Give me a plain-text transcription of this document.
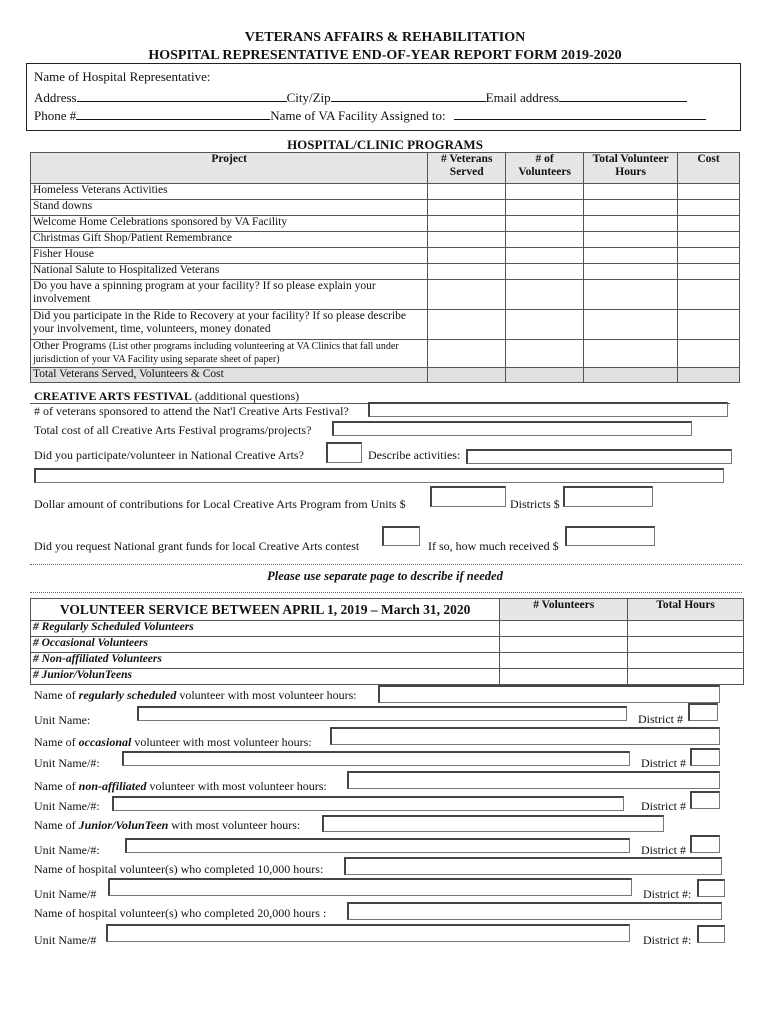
VETERANS AFFAIRS & REHABILITATION
HOSPITAL REPRESENTATIVE END-OF-YEAR REPORT FORM 2019-2020
Name of Hospital Representative:
Address	City/Zip	Email address
Phone #	Name of VA Facility Assigned to:
HOSPITAL/CLINIC PROGRAMS
Project	# Veterans Served	# of Volunteers	Total Volunteer Hours	Cost
Homeless Veterans Activities				
Stand downs				
Welcome Home Celebrations sponsored by VA Facility				
Christmas Gift Shop/Patient Remembrance				
Fisher House				
National Salute to Hospitalized Veterans				
Do you have a spinning program at your facility? If so please explain your involvement				
Did you participate in the Ride to Recovery at your facility? If so please describe your involvement, time, volunteers, money donated				
Other Programs (List other programs including volunteering at VA Clinics that fall under jurisdiction of your VA Facility using separate sheet of paper)				
Total Veterans Served, Volunteers & Cost				
CREATIVE ARTS FESTIVAL (additional questions)
# of veterans sponsored to attend the Nat'l Creative Arts Festival?
Total cost of all Creative Arts Festival programs/projects?
Did you participate/volunteer in National Creative Arts?	Describe activities:
Dollar amount of contributions for Local Creative Arts Program from Units $	Districts $
Did you request National grant funds for local Creative Arts contest	If so, how much received $
Please use separate page to describe if needed
VOLUNTEER SERVICE BETWEEN APRIL 1, 2019 – March 31, 2020	# Volunteers	Total Hours
# Regularly Scheduled Volunteers		
# Occasional Volunteers		
# Non-affiliated Volunteers		
# Junior/VolunTeens		
Name of regularly scheduled volunteer with most volunteer hours:
Unit Name:	District #
Name of occasional volunteer with most volunteer hours:
Unit Name/#:	District #
Name of non-affiliated volunteer with most volunteer hours:
Unit Name/#:	District #
Name of Junior/VolunTeen with most volunteer hours:
Unit Name/#:	District #
Name of hospital volunteer(s) who completed 10,000 hours:
Unit Name/#	District #:
Name of hospital volunteer(s) who completed 20,000 hours :
Unit Name/#	District #:
